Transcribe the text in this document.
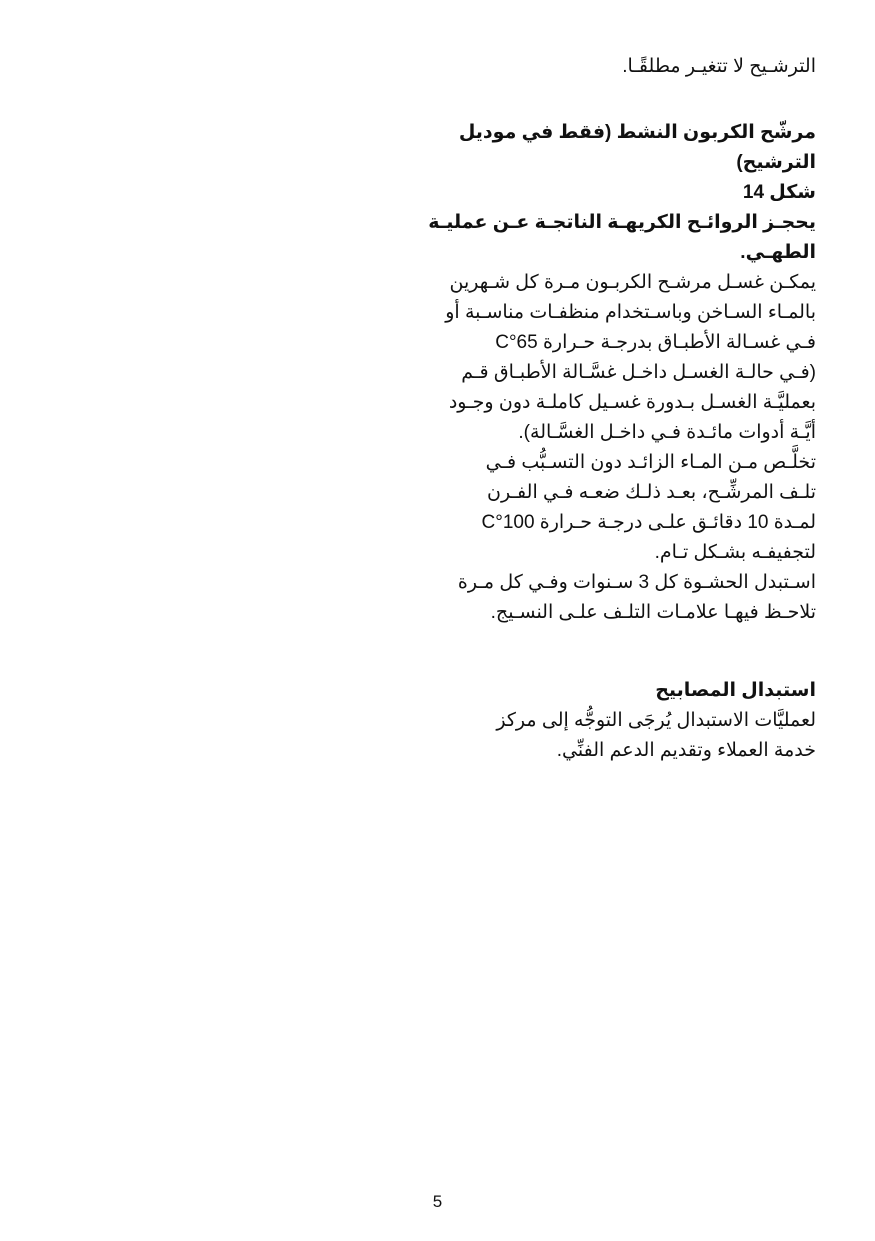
الترشـيح لا تتغيـر مطلقًـا.

مرشّح الكربون النشط (فقط في موديل
الترشيح)

شكل 14

يحجـز الروائـح الكريهـة الناتجـة عـن عمليـة
الطهـي.

يمكـن غسـل مرشـح الكربـون مـرة كل شـهرين
بالمـاء السـاخن وباسـتخدام منظفـات مناسـبة أو
فـي غسـالة الأطبـاق بدرجـة حـرارة 65°C
(فـي حالـة الغسـل داخـل غسَّـالة الأطبـاق قـم
بعمليَّـة الغسـل بـدورة غسـيل كاملـة دون وجـود
أيَّـة أدوات مائـدة فـي داخـل الغسَّـالة).
تخلَّـص مـن المـاء الزائـد دون التسـبُّب فـي
تلـف المرشِّـح، بعـد ذلـك ضعـه فـي الفـرن
لمـدة 10 دقائـق علـى درجـة حـرارة 100°C
لتجفيفـه بشـكل تـام.
اسـتبدل الحشـوة كل 3 سـنوات وفـي كل مـرة
تلاحـظ فيهـا علامـات التلـف علـى النسـيج.

استبدال المصابيح

لعمليَّات الاستبدال يُرجَى التوجُّه إلى مركز
خدمة العملاء وتقديم الدعم الفنِّي.

5
